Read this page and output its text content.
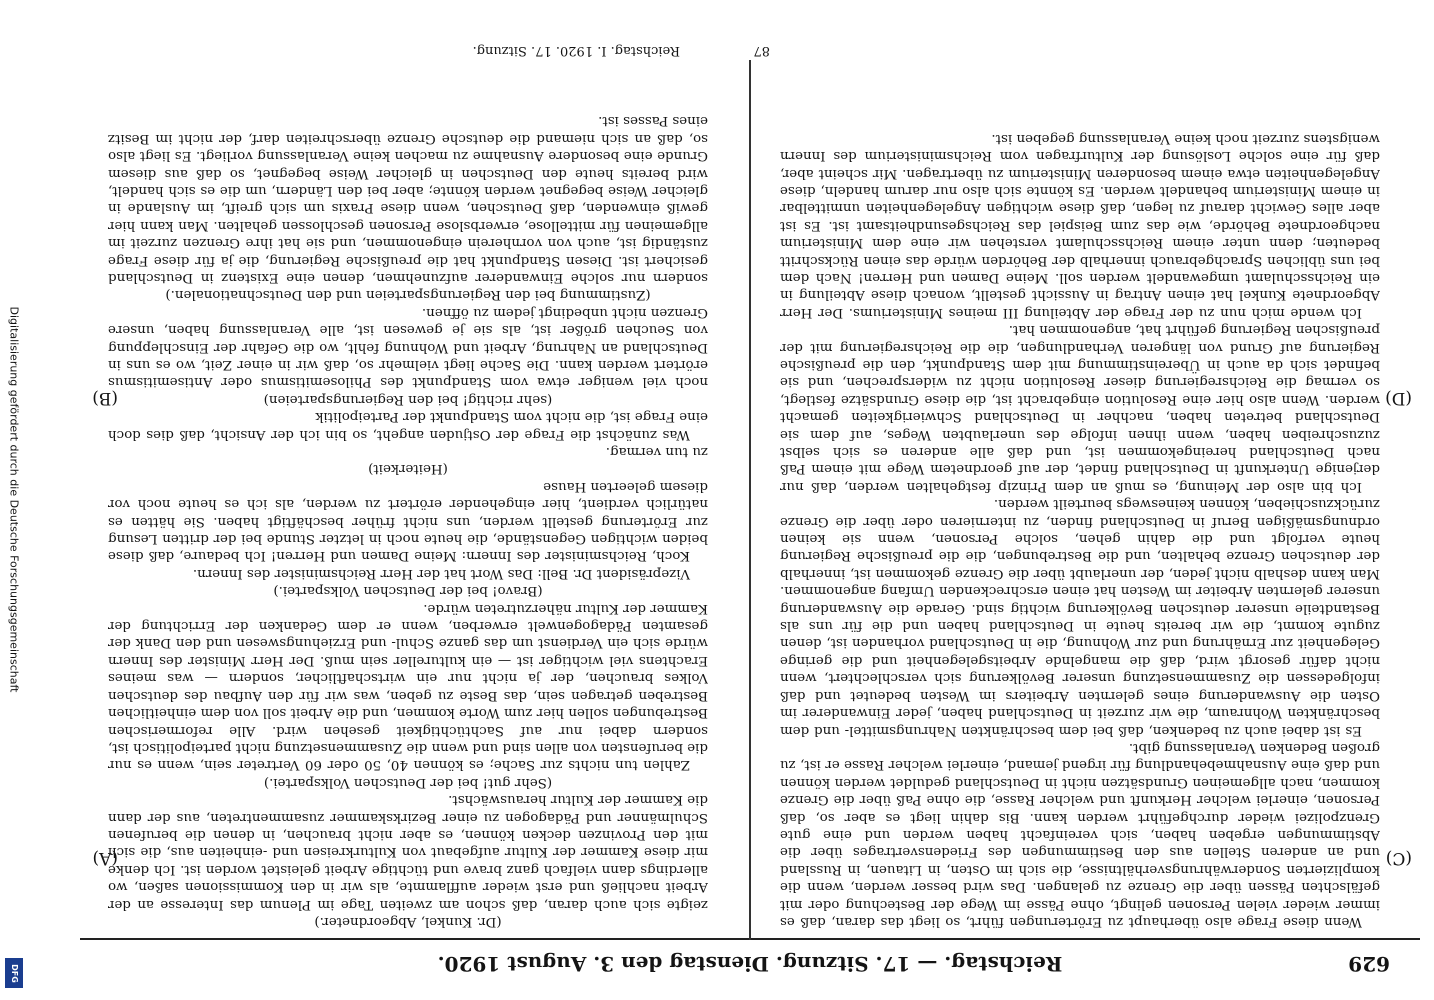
Digitalisierung gefördert durch die Deutsche Forschungsgemeinschaft
DFG	629
Reichstag. — 17. Sitzung. Dienstag den 3. August 1920.

Wenn diese Frage also überhaupt zu Erörterungen führt, so liegt das daran, daß es immer wieder vielen Personen gelingt, ohne Pässe im Wege der Bestechung oder mit gefälschten Pässen über die Grenze zu gelangen. Das wird besser werden, wenn die komplizierten Sonderwährungsverhältnisse, die sich im Osten, in Litauen, in Russland und an anderen Stellen aus den Bestimmungen des Friedensvertrages über die Abstimmungen ergeben haben, sich vereinfacht haben werden und eine gute Grenzpolizei wieder durchgeführt werden kann. Bis dahin liegt es aber so, daß Personen, einerlei welcher Herkunft und welcher Rasse, die ohne Paß über die Grenze kommen, nach allgemeinen Grundsätzen nicht in Deutschland geduldet werden können und daß eine Ausnahmebehandlung für irgend jemand, einerlei welcher Rasse er ist, zu großen Bedenken Veranlassung gibt.

Es ist dabei auch zu bedenken, daß bei dem beschränkten Nahrungsmittel- und dem beschränkten Wohnraum, die wir zurzeit in Deutschland haben, jeder Einwanderer im Osten die Auswanderung eines gelernten Arbeiters im Westen bedeutet und daß infolgedessen die Zusammensetzung unserer Bevölkerung sich verschlechtert, wenn nicht dafür gesorgt wird, daß die mangelnde Arbeitsgelegenheit und die geringe Gelegenheit zur Ernährung und zur Wohnung, die in Deutschland vorhanden ist, denen zugute kommt, die wir bereits heute in Deutschland haben und die für uns als Bestandteile unserer deutschen Bevölkerung wichtig sind. Gerade die Auswanderung unserer gelernten Arbeiter im Westen hat einen erschreckenden Umfang angenommen. Man kann deshalb nicht jeden, der unerlaubt über die Grenze gekommen ist, innerhalb der deutschen Grenze behalten, und die Bestrebungen, die die preußische Regierung heute verfolgt und die dahin gehen, solche Personen, wenn sie keinen ordnungsmäßigen Beruf in Deutschland finden, zu internieren oder über die Grenze zurückzuschieben, können keineswegs beurteilt werden.

Ich bin also der Meinung, es muß an dem Prinzip festgehalten werden, daß nur derjenige Unterkunft in Deutschland findet, der auf geordnetem Wege mit einem Paß nach Deutschland hereingekommen ist, und daß alle anderen es sich selbst zuzuschreiben haben, wenn ihnen infolge des unerlaubten Weges, auf dem sie Deutschland betreten haben, nachher in Deutschland Schwierigkeiten gemacht werden. Wenn also hier eine Resolution eingebracht ist, die diese Grundsätze festlegt, so vermag die Reichsregierung dieser Resolution nicht zu widersprechen, und sie befindet sich da auch in Übereinstimmung mit dem Standpunkt, den die preußische Regierung auf Grund von längeren Verhandlungen, die die Reichsregierung mit der preußischen Regierung geführt hat, angenommen hat.

Ich wende mich nun zu der Frage der Abteilung III meines Ministeriums. Der Herr Abgeordnete Kunkel hat einen Antrag in Aussicht gestellt, wonach diese Abteilung in ein Reichsschulamt umgewandelt werden soll. Meine Damen und Herren! Nach dem bei uns üblichen Sprachgebrauch innerhalb der Behörden würde das einen Rückschritt bedeuten; denn unter einem Reichsschulamt verstehen wir eine dem Ministerium nachgeordnete Behörde, wie das zum Beispiel das Reichsgesundheitsamt ist. Es ist aber alles Gewicht darauf zu legen, daß diese wichtigen Angelegenheiten unmittelbar in einem Ministerium behandelt werden. Es könnte sich also nur darum handeln, diese Angelegenheiten etwa einem besonderen Ministerium zu übertragen. Mir scheint aber, daß für eine solche Loslösung der Kulturfragen vom Reichsministerium des Innern wenigstens zurzeit noch keine Veranlassung gegeben ist.

(Dr. Kunkel, Abgeordneter.)

zeigte sich auch daran, daß schon am zweiten Tage im Plenum das Interesse an der Arbeit nachließ und erst wieder aufflammte, als wir in den Kommissionen saßen, wo allerdings dann vielfach ganz brave und tüchtige Arbeit geleistet worden ist. Ich denke mir diese Kammer der Kultur aufgebaut von Kulturkreisen und -einheiten aus, die sich mit den Provinzen decken können, es aber nicht brauchen, in denen die berufenen Schulmänner und Pädagogen zu einer Bezirkskammer zusammentreten, aus der dann die Kammer der Kultur herauswächst.

(Sehr gut! bei der Deutschen Volkspartei.)

Zahlen tun nichts zur Sache; es können 40, 50 oder 60 Vertreter sein, wenn es nur die berufensten von allen sind und wenn die Zusammensetzung nicht parteipolitisch ist, sondern dabei nur auf Sachtüchtigkeit gesehen wird. Alle reformerischen Bestrebungen sollen hier zum Worte kommen, und die Arbeit soll von dem einheitlichen Bestreben getragen sein, das Beste zu geben, was wir für den Aufbau des deutschen Volkes brauchen, der ja nicht nur ein wirtschaftlicher, sondern — was meines Erachtens viel wichtiger ist — ein kultureller sein muß. Der Herr Minister des Innern würde sich ein Verdienst um das ganze Schul- und Erziehungswesen und den Dank der gesamten Pädagogenwelt erwerben, wenn er dem Gedanken der Errichtung der Kammer der Kultur näherzutreten würde.

(Bravo! bei der Deutschen Volkspartei.)

Vizepräsident Dr. Bell: Das Wort hat der Herr Reichsminister des Innern.

Koch, Reichsminister des Innern: Meine Damen und Herren! Ich bedaure, daß diese beiden wichtigen Gegenstände, die heute noch in letzter Stunde bei der dritten Lesung zur Erörterung gestellt werden, uns nicht früher beschäftigt haben. Sie hätten es natürlich verdient, hier eingehender erörtert zu werden, als ich es heute noch vor diesem geleerten Hause

(Heiterkeit)

zu tun vermag.

Was zunächst die Frage der Ostjuden angeht, so bin ich der Ansicht, daß dies doch eine Frage ist, die nicht vom Standpunkt der Parteipolitik

(sehr richtig! bei den Regierungsparteien)

noch viel weniger etwa vom Standpunkt des Philosemitismus oder Antisemitismus erörtert werden kann. Die Sache liegt vielmehr so, daß wir in einer Zeit, wo es uns in Deutschland an Nahrung, Arbeit und Wohnung fehlt, wo die Gefahr der Einschleppung von Seuchen größer ist, als sie je gewesen ist, alle Veranlassung haben, unsere Grenzen nicht unbedingt jedem zu öffnen.

(Zustimmung bei den Regierungsparteien und den Deutschnationalen.)

sondern nur solche Einwanderer aufzunehmen, denen eine Existenz in Deutschland gesichert ist. Diesen Standpunkt hat die preußische Regierung, die ja für diese Frage zuständig ist, auch von vornherein eingenommen, und sie hat ihre Grenzen zurzeit im allgemeinen für mittellose, erwerbslose Personen geschlossen gehalten. Man kann hier gewiß einwenden, daß Deutschen, wenn diese Praxis um sich greift, im Auslande in gleicher Weise begegnet werden könnte; aber bei den Ländern, um die es sich handelt, wird bereits heute den Deutschen in gleicher Weise begegnet, so daß aus diesem Grunde eine besondere Ausnahme zu machen keine Veranlassung vorliegt. Es liegt also so, daß an sich niemand die deutsche Grenze überschreiten darf, der nicht im Besitz eines Passes ist.

(C)
(D)
(A)
(B)
87
Reichstag. I. 1920. 17. Sitzung.
